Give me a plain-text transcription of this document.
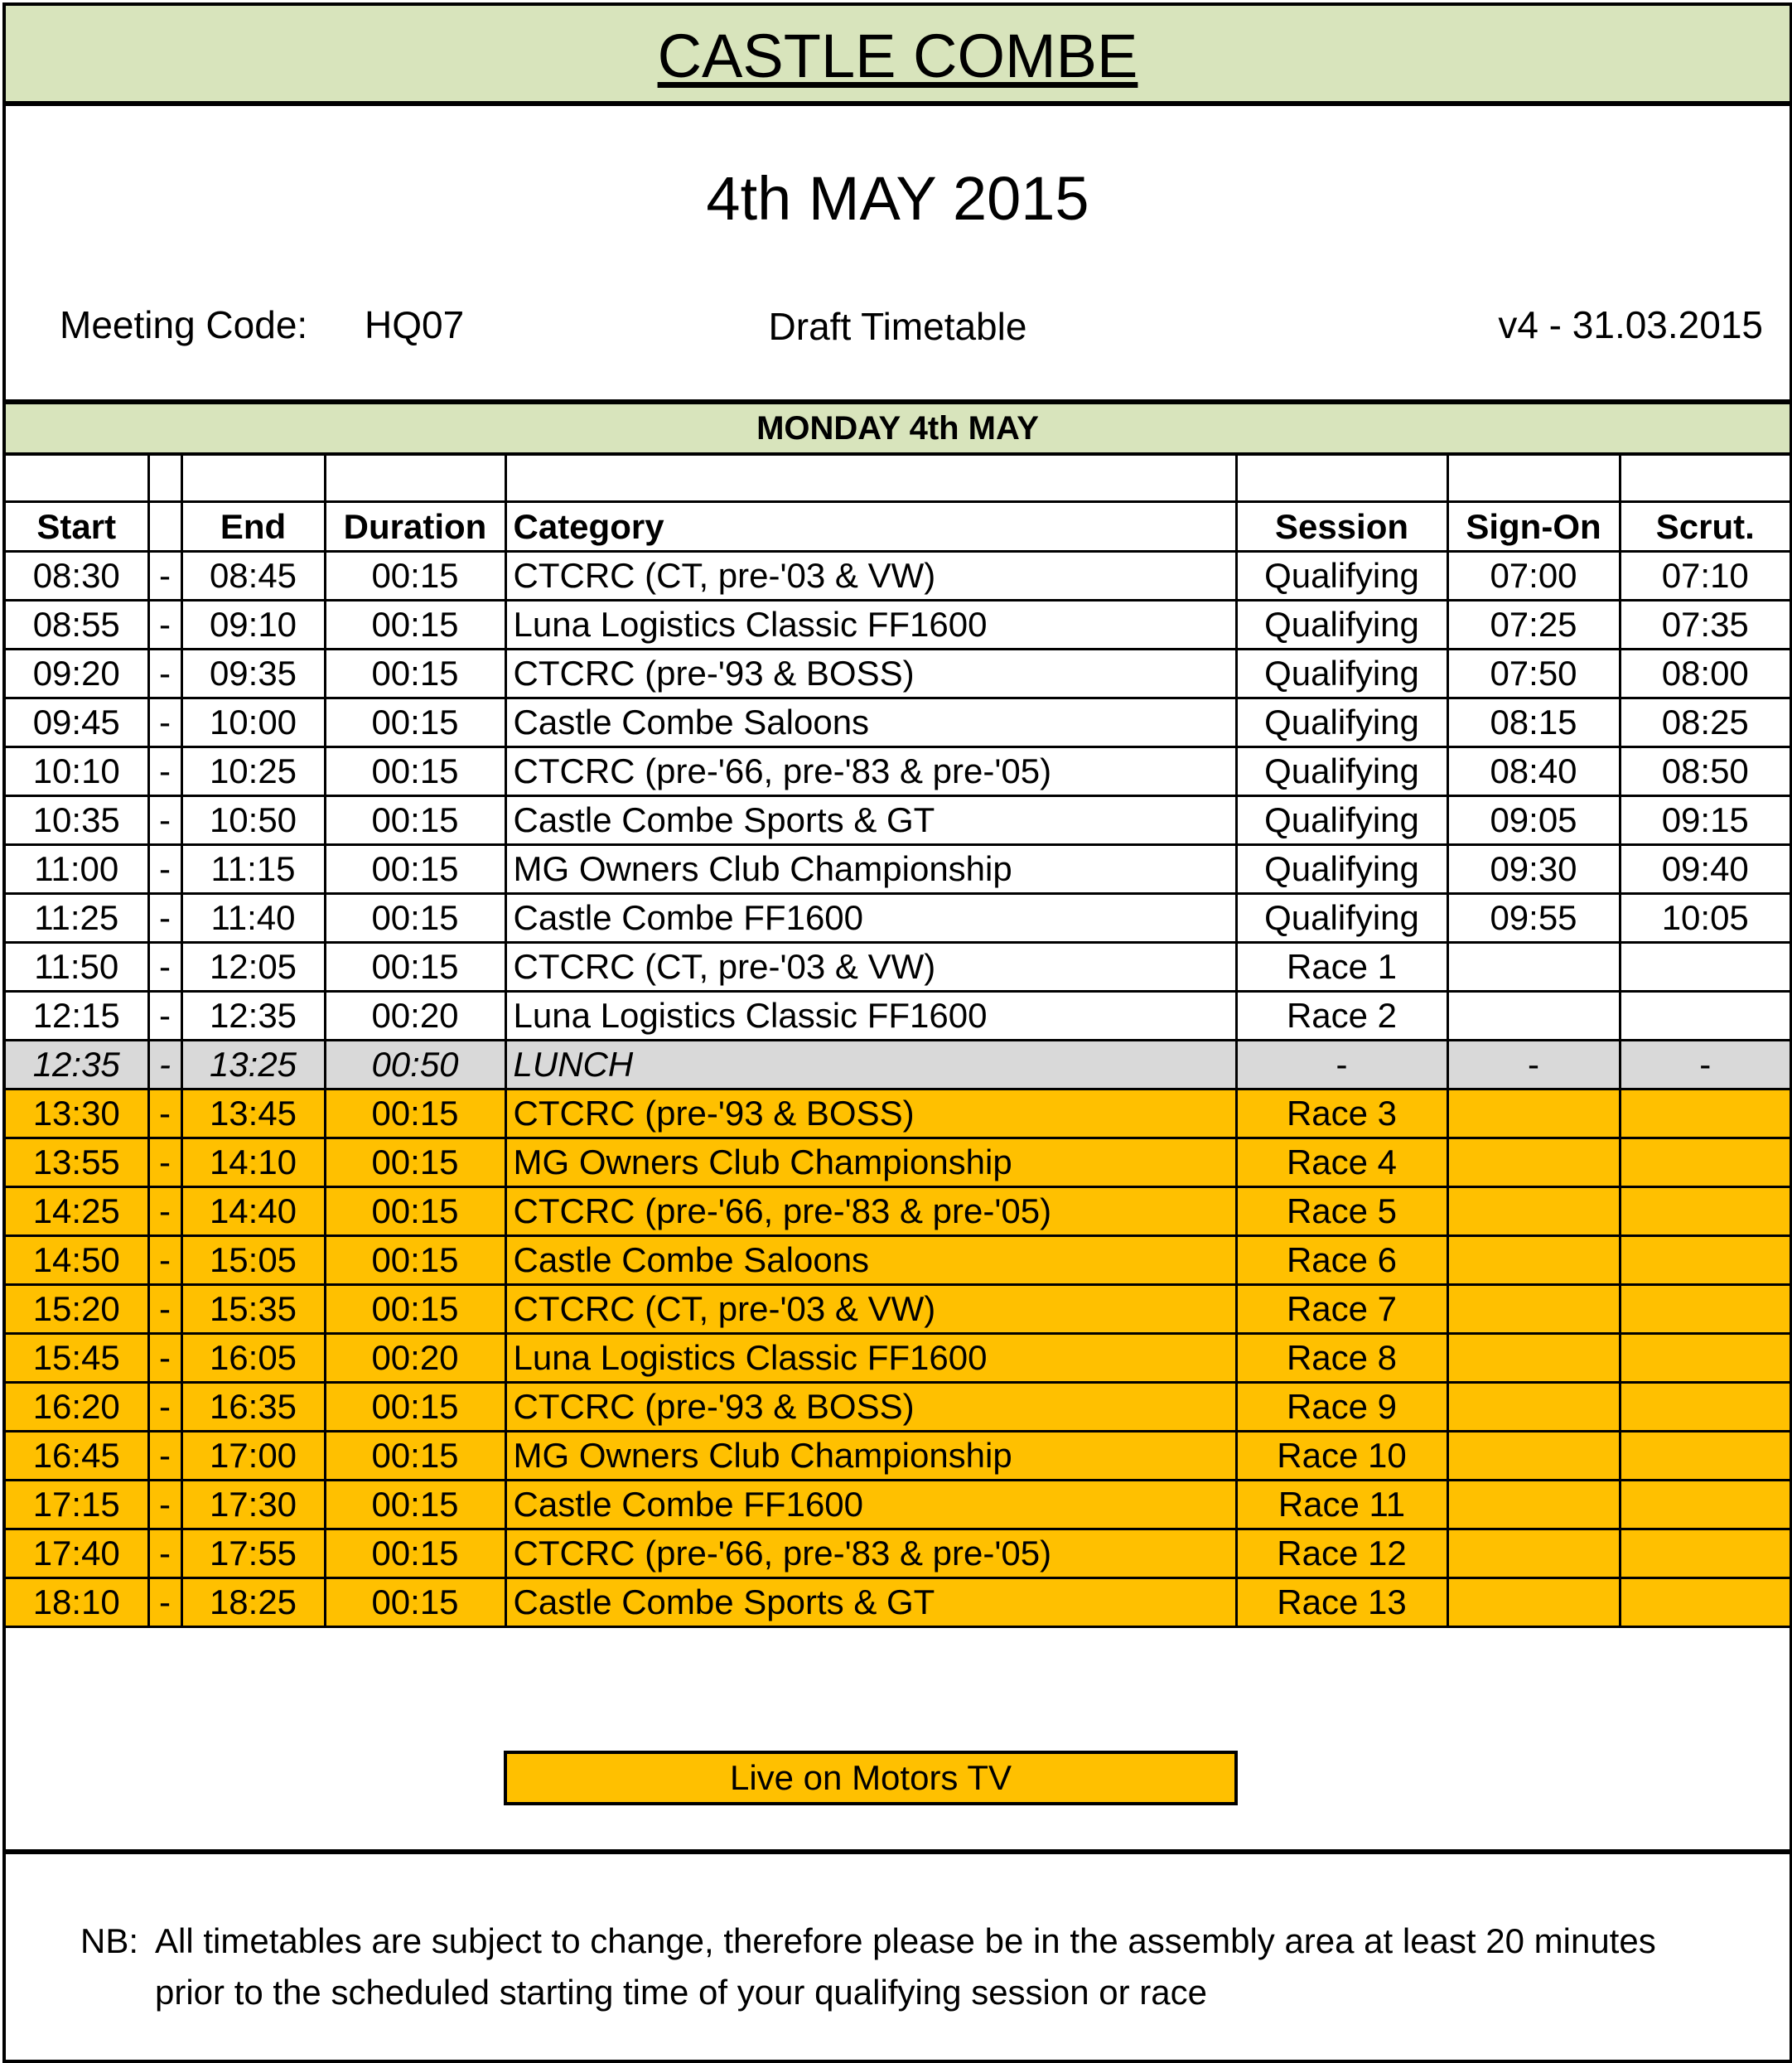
CASTLE COMBE
4th MAY 2015
Meeting Code: HQ07	Draft Timetable	v4 - 31.03.2015
MONDAY 4th MAY

Start		End	Duration	Category	Session	Sign-On	Scrut.
08:30	-	08:45	00:15	CTCRC (CT, pre-'03 & VW)	Qualifying	07:00	07:10
08:55	-	09:10	00:15	Luna Logistics Classic FF1600	Qualifying	07:25	07:35
09:20	-	09:35	00:15	CTCRC (pre-'93 & BOSS)	Qualifying	07:50	08:00
09:45	-	10:00	00:15	Castle Combe Saloons	Qualifying	08:15	08:25
10:10	-	10:25	00:15	CTCRC (pre-'66, pre-'83 & pre-'05)	Qualifying	08:40	08:50
10:35	-	10:50	00:15	Castle Combe Sports & GT	Qualifying	09:05	09:15
11:00	-	11:15	00:15	MG Owners Club Championship	Qualifying	09:30	09:40
11:25	-	11:40	00:15	Castle Combe FF1600	Qualifying	09:55	10:05
11:50	-	12:05	00:15	CTCRC (CT, pre-'03 & VW)	Race 1		
12:15	-	12:35	00:20	Luna Logistics Classic FF1600	Race 2		
12:35	-	13:25	00:50	LUNCH	-	-	-
13:30	-	13:45	00:15	CTCRC (pre-'93 & BOSS)	Race 3		
13:55	-	14:10	00:15	MG Owners Club Championship	Race 4		
14:25	-	14:40	00:15	CTCRC (pre-'66, pre-'83 & pre-'05)	Race 5		
14:50	-	15:05	00:15	Castle Combe Saloons	Race 6		
15:20	-	15:35	00:15	CTCRC (CT, pre-'03 & VW)	Race 7		
15:45	-	16:05	00:20	Luna Logistics Classic FF1600	Race 8		
16:20	-	16:35	00:15	CTCRC (pre-'93 & BOSS)	Race 9		
16:45	-	17:00	00:15	MG Owners Club Championship	Race 10		
17:15	-	17:30	00:15	Castle Combe FF1600	Race 11		
17:40	-	17:55	00:15	CTCRC (pre-'66, pre-'83 & pre-'05)	Race 12		
18:10	-	18:25	00:15	Castle Combe Sports & GT	Race 13		
Live on Motors TV
NB: All timetables are subject to change, therefore please be in the assembly area at least 20 minutes
prior to the scheduled starting time of your qualifying session or race
